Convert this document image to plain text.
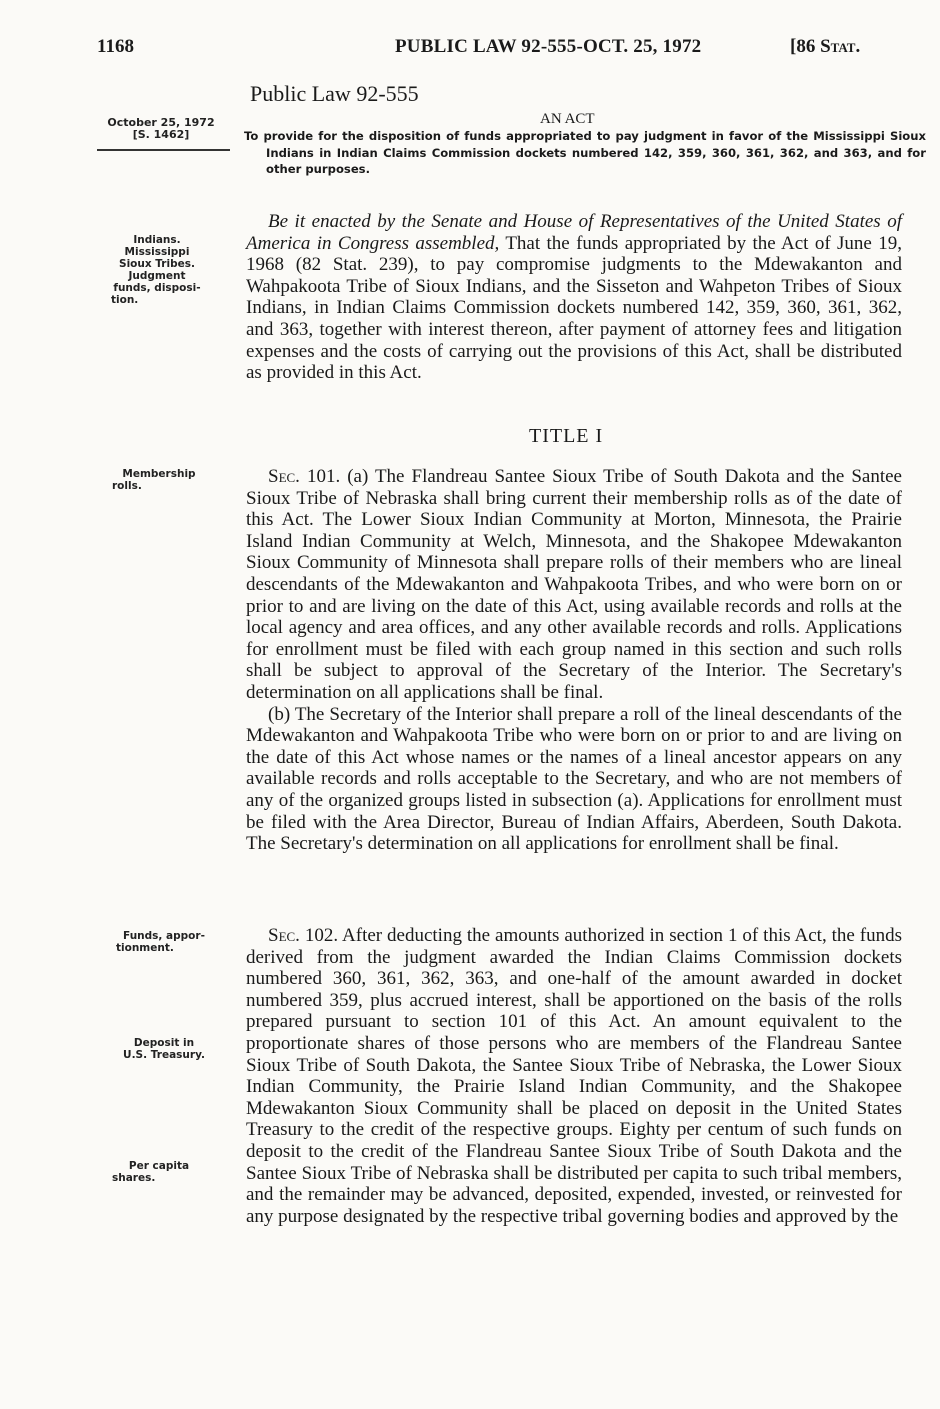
1168	PUBLIC LAW 92-555-OCT. 25, 1972	[86 Stat.
Public Law 92-555
AN ACT
To provide for the disposition of funds appropriated to pay judgment in favor of the Mississippi Sioux Indians in Indian Claims Commission dockets numbered 142, 359, 360, 361, 362, and 363, and for other purposes.
October 25, 1972
[S. 1462]
Indians.
Mississippi
Sioux Tribes.
Judgment
funds, disposi-
tion.
Membership
rolls.
Funds, appor-
tionment.
Deposit in
U.S. Treasury.
Per capita
shares.
Be it enacted by the Senate and House of Representatives of the United States of America in Congress assembled, That the funds appropriated by the Act of June 19, 1968 (82 Stat. 239), to pay compromise judgments to the Mdewakanton and Wahpakoota Tribe of Sioux Indians, and the Sisseton and Wahpeton Tribes of Sioux Indians, in Indian Claims Commission dockets numbered 142, 359, 360, 361, 362, and 363, together with interest thereon, after payment of attorney fees and litigation expenses and the costs of carrying out the provisions of this Act, shall be distributed as provided in this Act.
TITLE I
Sec. 101. (a) The Flandreau Santee Sioux Tribe of South Dakota and the Santee Sioux Tribe of Nebraska shall bring current their membership rolls as of the date of this Act. The Lower Sioux Indian Community at Morton, Minnesota, the Prairie Island Indian Community at Welch, Minnesota, and the Shakopee Mdewakanton Sioux Community of Minnesota shall prepare rolls of their members who are lineal descendants of the Mdewakanton and Wahpakoota Tribes, and who were born on or prior to and are living on the date of this Act, using available records and rolls at the local agency and area offices, and any other available records and rolls. Applications for enrollment must be filed with each group named in this section and such rolls shall be subject to approval of the Secretary of the Interior. The Secretary's determination on all applications shall be final.
(b) The Secretary of the Interior shall prepare a roll of the lineal descendants of the Mdewakanton and Wahpakoota Tribe who were born on or prior to and are living on the date of this Act whose names or the names of a lineal ancestor appears on any available records and rolls acceptable to the Secretary, and who are not members of any of the organized groups listed in subsection (a). Applications for enrollment must be filed with the Area Director, Bureau of Indian Affairs, Aberdeen, South Dakota. The Secretary's determination on all applications for enrollment shall be final.
Sec. 102. After deducting the amounts authorized in section 1 of this Act, the funds derived from the judgment awarded the Indian Claims Commission dockets numbered 360, 361, 362, 363, and one-half of the amount awarded in docket numbered 359, plus accrued interest, shall be apportioned on the basis of the rolls prepared pursuant to section 101 of this Act. An amount equivalent to the proportionate shares of those persons who are members of the Flandreau Santee Sioux Tribe of South Dakota, the Santee Sioux Tribe of Nebraska, the Lower Sioux Indian Community, the Prairie Island Indian Community, and the Shakopee Mdewakanton Sioux Community shall be placed on deposit in the United States Treasury to the credit of the respective groups. Eighty per centum of such funds on deposit to the credit of the Flandreau Santee Sioux Tribe of South Dakota and the Santee Sioux Tribe of Nebraska shall be distributed per capita to such tribal members, and the remainder may be advanced, deposited, expended, invested, or reinvested for any purpose designated by the respective tribal governing bodies and approved by the
